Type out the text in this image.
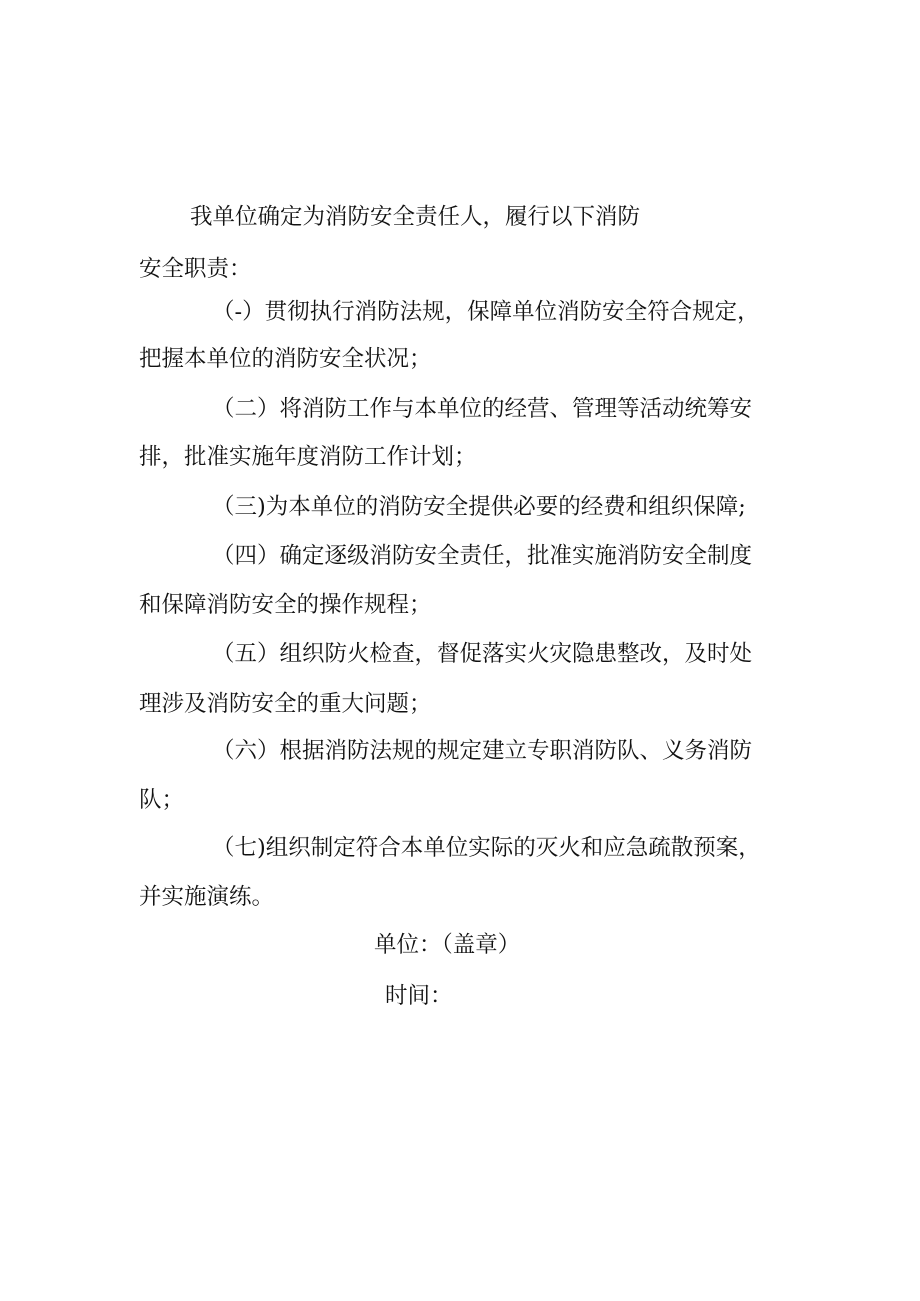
我单位确定为消防安全责任人，履行以下消防
安全职责：
（-）贯彻执行消防法规，保障单位消防安全符合规定，
把握本单位的消防安全状况；
（二）将消防工作与本单位的经营、管理等活动统筹安
排，批准实施年度消防工作计划；
（三)为本单位的消防安全提供必要的经费和组织保障;
（四）确定逐级消防安全责任，批准实施消防安全制度
和保障消防安全的操作规程；
（五）组织防火检查，督促落实火灾隐患整改，及时处
理涉及消防安全的重大问题；
（六）根据消防法规的规定建立专职消防队、义务消防
队；
（七)组织制定符合本单位实际的灭火和应急疏散预案，
并实施演练。
单位：（盖章）
时间：
